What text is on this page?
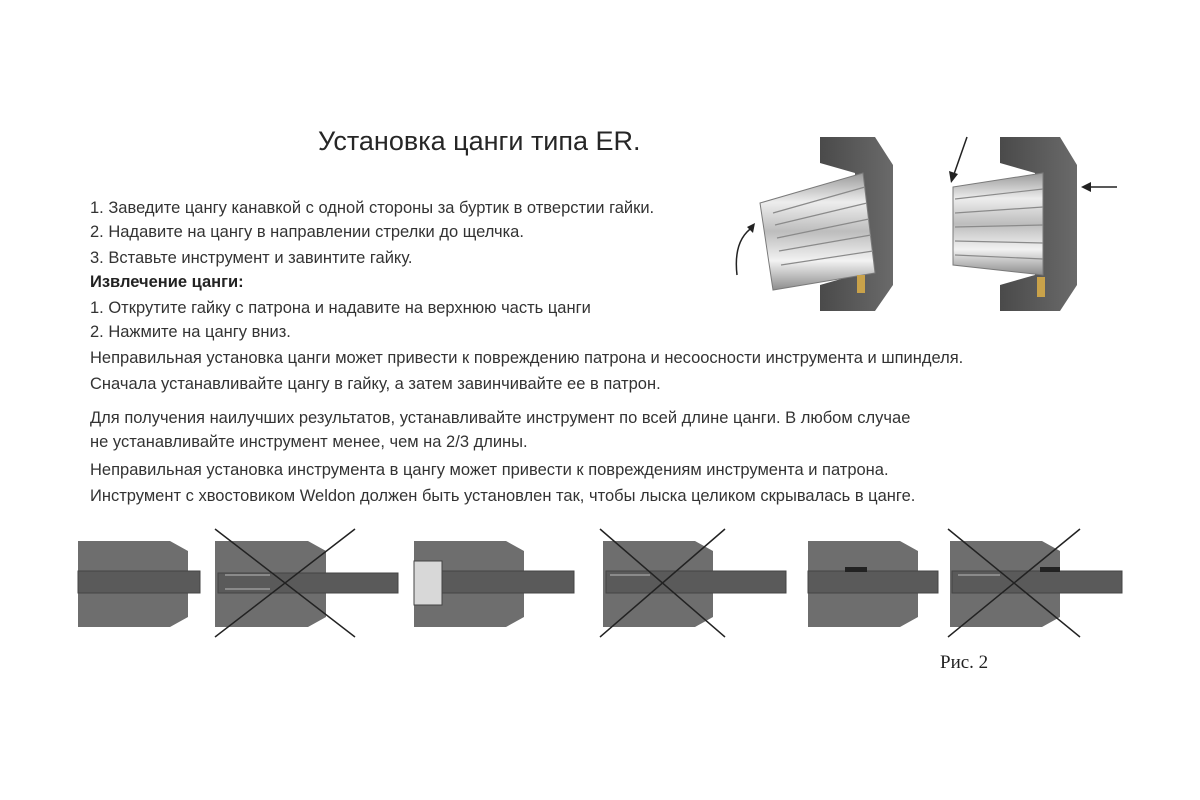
Установка цанги типа ER.
1. Заведите цангу канавкой с одной стороны за буртик в отверстии гайки.
2. Надавите на цангу в направлении стрелки до щелчка.
3. Вставьте инструмент и завинтите гайку.
Извлечение цанги:
1. Открутите гайку с патрона и надавите на верхнюю часть цанги
2. Нажмите на цангу вниз.
Неправильная установка цанги может привести к повреждению патрона и несоосности инструмента и шпинделя.
Сначала устанавливайте цангу в гайку, а затем завинчивайте ее в патрон.
Для получения наилучших результатов, устанавливайте инструмент по всей длине цанги. В любом случае
не устанавливайте инструмент менее, чем на 2/3 длины.
Неправильная установка инструмента в цангу может привести к повреждениям инструмента и патрона.
Инструмент с хвостовиком Weldon должен быть установлен так, чтобы лыска целиком скрывалась в цанге.
Рис. 2
